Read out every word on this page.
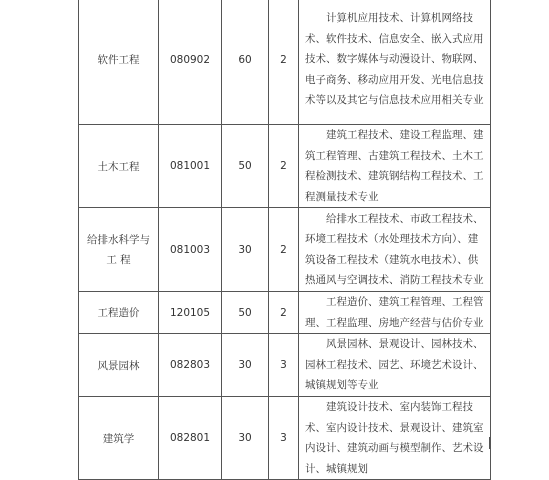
软件工程	080902	60	2	计算机应用技术、计算机网络技术、软件技术、信息安全、嵌入式应用技术、数字媒体与动漫设计、物联网、电子商务、移动应用开发、光电信息技术等以及其它与信息技术应用相关专业
土木工程	081001	50	2	建筑工程技术、建设工程监理、建筑工程管理、古建筑工程技术、土木工程检测技术、建筑钢结构工程技术、工程测量技术专业
给排水科学与工 程	081003	30	2	给排水工程技术、市政工程技术、环境工程技术（水处理技术方向）、建筑设备工程技术（建筑水电技术）、供热通风与空调技术、消防工程技术专业
工程造价	120105	50	2	工程造价、建筑工程管理、工程管理、工程监理、房地产经营与估价专业
风景园林	082803	30	3	风景园林、景观设计、园林技术、园林工程技术、园艺、环境艺术设计、城镇规划等专业
建筑学	082801	30	3	建筑设计技术、室内装饰工程技术、室内设计技术、景观设计、建筑室内设计、建筑动画与模型制作、艺术设计、城镇规划
